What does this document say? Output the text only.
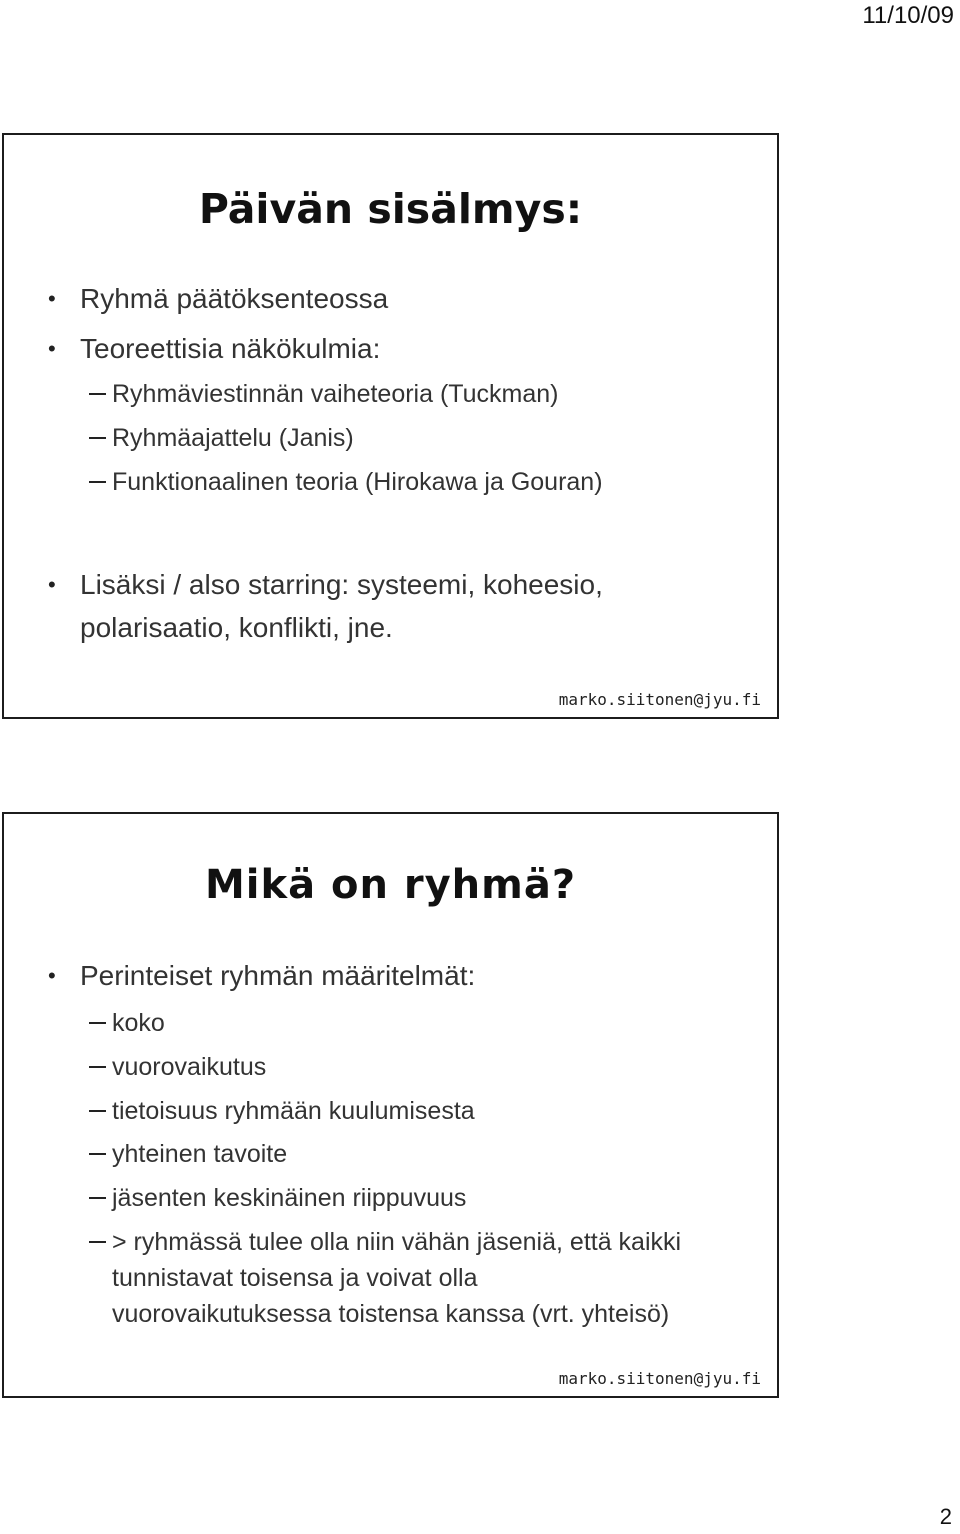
11/10/09
Päivän sisälmys:
• Ryhmä päätöksenteossa
• Teoreettisia näkökulmia:
Ryhmäviestinnän vaiheteoria (Tuckman)
Ryhmäajattelu (Janis)
Funktionaalinen teoria (Hirokawa ja Gouran)
• Lisäksi / also starring: systeemi, koheesio,
polarisaatio, konflikti, jne.
marko.siitonen@jyu.fi
Mikä on ryhmä?
• Perinteiset ryhmän määritelmät:
koko
vuorovaikutus
tietoisuus ryhmään kuulumisesta
yhteinen tavoite
jäsenten keskinäinen riippuvuus
> ryhmässä tulee olla niin vähän jäseniä, että kaikki
tunnistavat toisensa ja voivat olla
vuorovaikutuksessa toistensa kanssa (vrt. yhteisö)
marko.siitonen@jyu.fi
2
